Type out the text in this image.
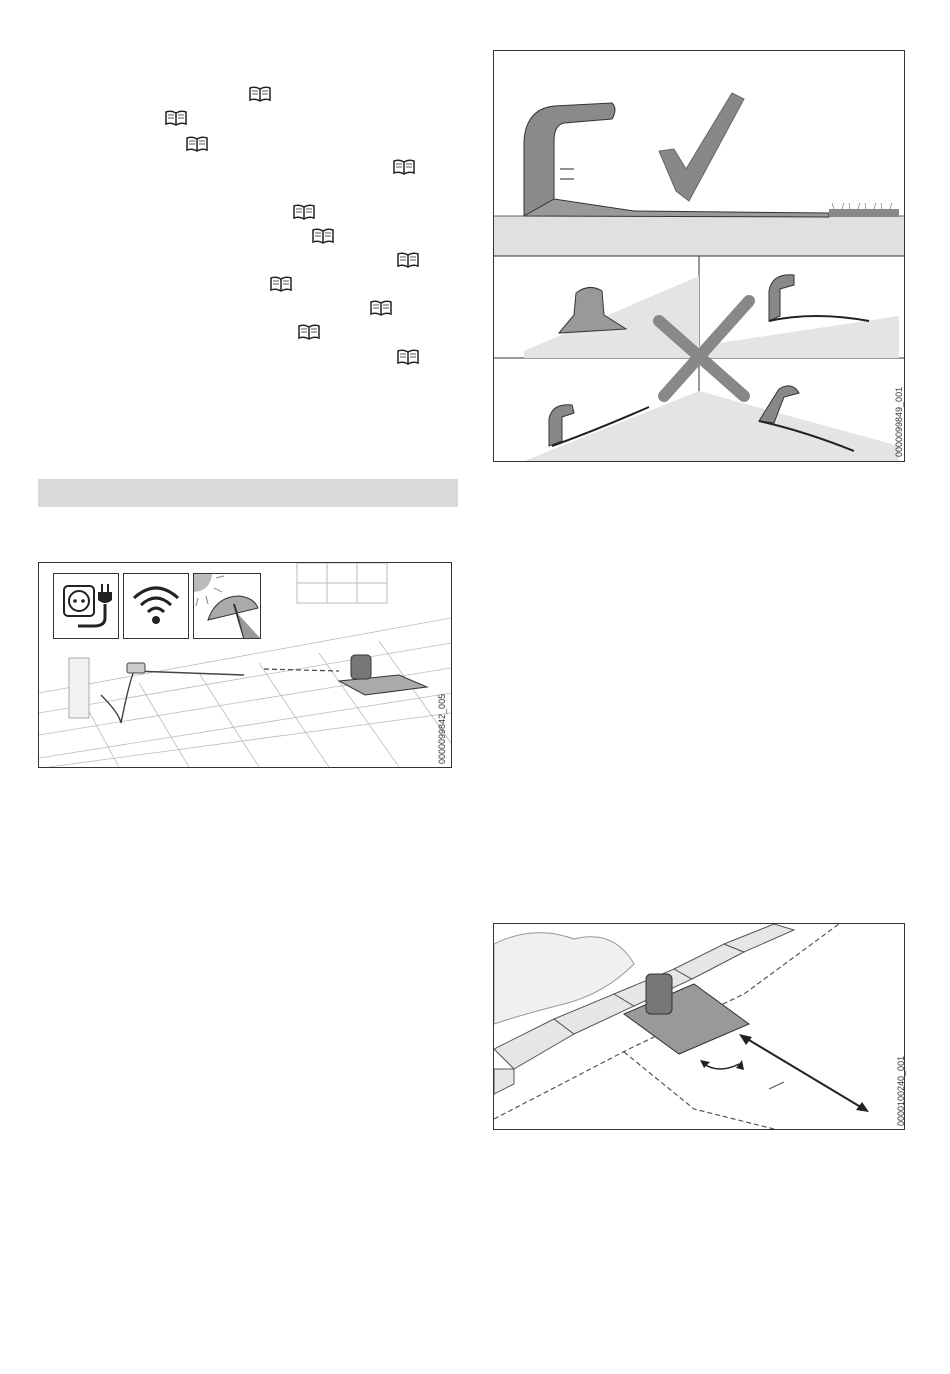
0000099842_005
0000099849_001
0000100240_001
